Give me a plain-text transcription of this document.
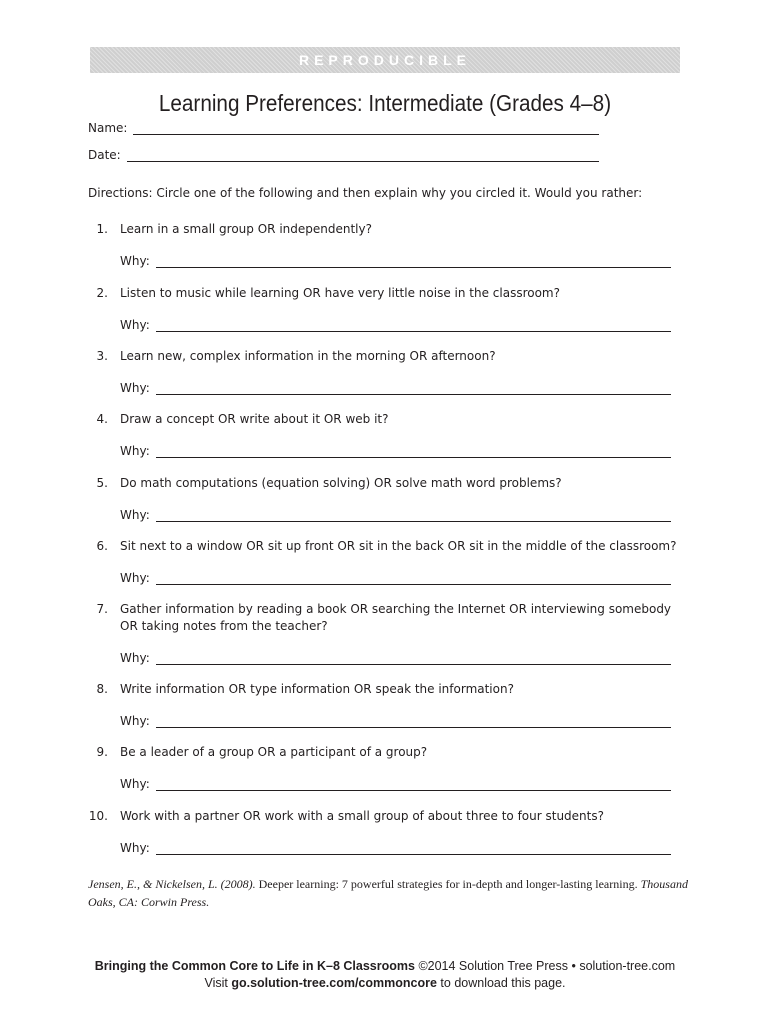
REPRODUCIBLE
Learning Preferences: Intermediate (Grades 4–8)
Name:
Date:
Directions: Circle one of the following and then explain why you circled it. Would you rather:
1. Learn in a small group OR independently?
Why:
2. Listen to music while learning OR have very little noise in the classroom?
Why:
3. Learn new, complex information in the morning OR afternoon?
Why:
4. Draw a concept OR write about it OR web it?
Why:
5. Do math computations (equation solving) OR solve math word problems?
Why:
6. Sit next to a window OR sit up front OR sit in the back OR sit in the middle of the classroom?
Why:
7. Gather information by reading a book OR searching the Internet OR interviewing somebody OR taking notes from the teacher?
Why:
8. Write information OR type information OR speak the information?
Why:
9. Be a leader of a group OR a participant of a group?
Why:
10. Work with a partner OR work with a small group of about three to four students?
Why:
Jensen, E., & Nickelsen, L. (2008). Deeper learning: 7 powerful strategies for in-depth and longer-lasting learning. Thousand Oaks, CA: Corwin Press.
Bringing the Common Core to Life in K–8 Classrooms ©2014 Solution Tree Press • solution-tree.com
Visit go.solution-tree.com/commoncore to download this page.
